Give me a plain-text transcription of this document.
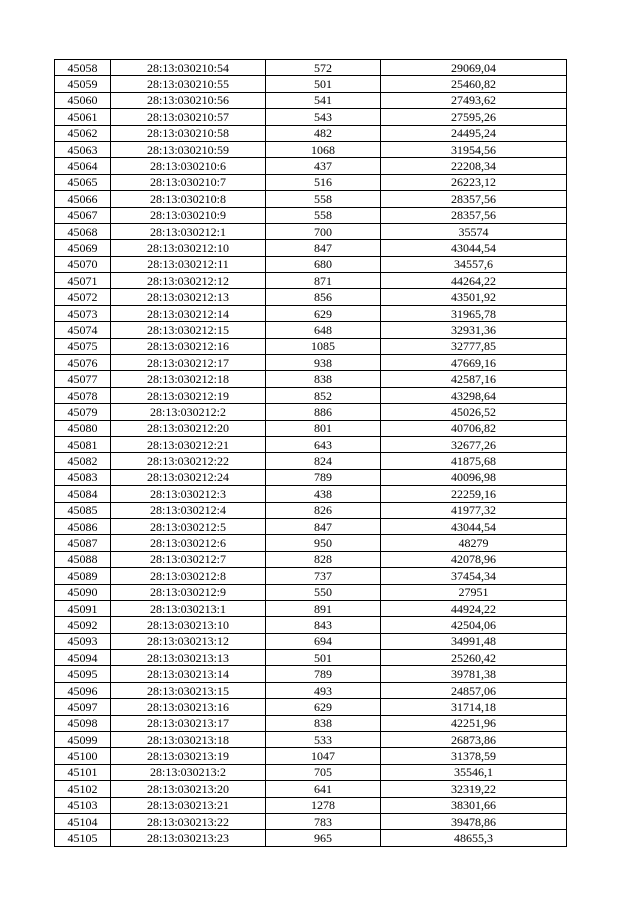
45058	28:13:030210:54	572	29069,04
45059	28:13:030210:55	501	25460,82
45060	28:13:030210:56	541	27493,62
45061	28:13:030210:57	543	27595,26
45062	28:13:030210:58	482	24495,24
45063	28:13:030210:59	1068	31954,56
45064	28:13:030210:6	437	22208,34
45065	28:13:030210:7	516	26223,12
45066	28:13:030210:8	558	28357,56
45067	28:13:030210:9	558	28357,56
45068	28:13:030212:1	700	35574
45069	28:13:030212:10	847	43044,54
45070	28:13:030212:11	680	34557,6
45071	28:13:030212:12	871	44264,22
45072	28:13:030212:13	856	43501,92
45073	28:13:030212:14	629	31965,78
45074	28:13:030212:15	648	32931,36
45075	28:13:030212:16	1085	32777,85
45076	28:13:030212:17	938	47669,16
45077	28:13:030212:18	838	42587,16
45078	28:13:030212:19	852	43298,64
45079	28:13:030212:2	886	45026,52
45080	28:13:030212:20	801	40706,82
45081	28:13:030212:21	643	32677,26
45082	28:13:030212:22	824	41875,68
45083	28:13:030212:24	789	40096,98
45084	28:13:030212:3	438	22259,16
45085	28:13:030212:4	826	41977,32
45086	28:13:030212:5	847	43044,54
45087	28:13:030212:6	950	48279
45088	28:13:030212:7	828	42078,96
45089	28:13:030212:8	737	37454,34
45090	28:13:030212:9	550	27951
45091	28:13:030213:1	891	44924,22
45092	28:13:030213:10	843	42504,06
45093	28:13:030213:12	694	34991,48
45094	28:13:030213:13	501	25260,42
45095	28:13:030213:14	789	39781,38
45096	28:13:030213:15	493	24857,06
45097	28:13:030213:16	629	31714,18
45098	28:13:030213:17	838	42251,96
45099	28:13:030213:18	533	26873,86
45100	28:13:030213:19	1047	31378,59
45101	28:13:030213:2	705	35546,1
45102	28:13:030213:20	641	32319,22
45103	28:13:030213:21	1278	38301,66
45104	28:13:030213:22	783	39478,86
45105	28:13:030213:23	965	48655,3
